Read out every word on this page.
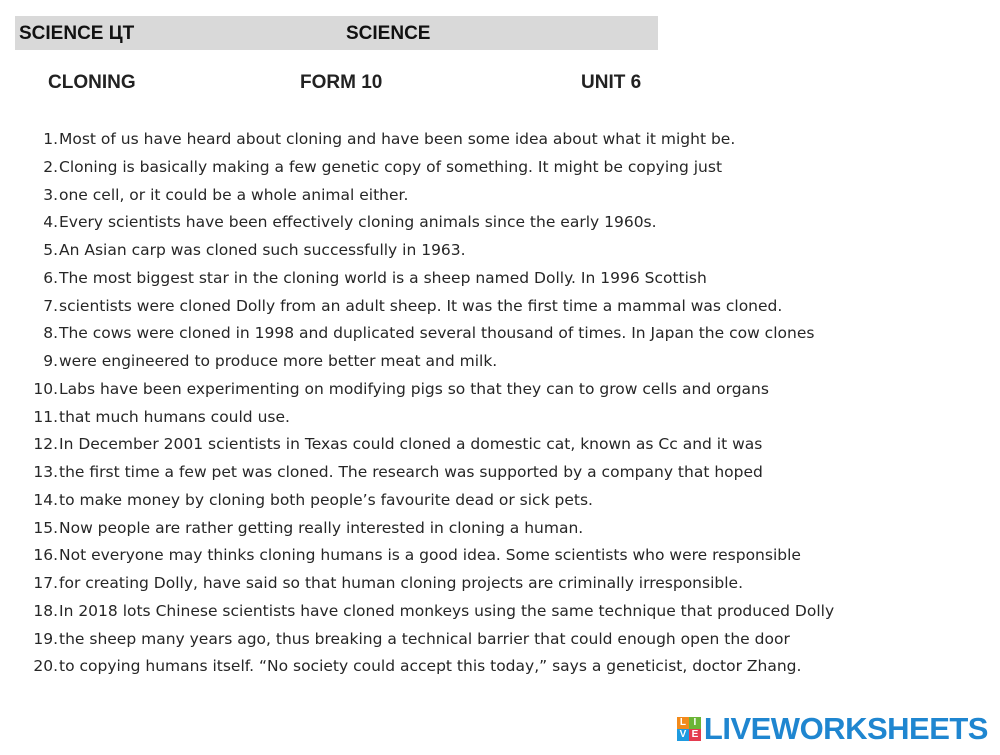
SCIENCE ЦТ	SCIENCE
CLONING	FORM 10	UNIT 6
1. Most of us have heard about cloning and have been some idea about what it might be.
2. Cloning is basically making a few genetic copy of something. It might be copying just
3. one cell, or it could be a whole animal either.
4. Every scientists have been effectively cloning animals since the early 1960s.
5. An Asian carp was cloned such successfully in 1963.
6. The most biggest star in the cloning world is a sheep named Dolly. In 1996 Scottish
7. scientists were cloned Dolly from an adult sheep. It was the first time a mammal was cloned.
8. The cows were cloned in 1998 and duplicated several thousand of times. In Japan the cow clones
9. were engineered to produce more better meat and milk.
10. Labs have been experimenting on modifying pigs so that they can to grow cells and organs
11. that much humans could use.
12. In December 2001 scientists in Texas could cloned a domestic cat, known as Cc and it was
13. the first time a few pet was cloned. The research was supported by a company that hoped
14. to make money by cloning both people’s favourite dead or sick pets.
15. Now people are rather getting really interested in cloning a human.
16. Not everyone may thinks cloning humans is a good idea. Some scientists who were responsible
17. for creating Dolly, have said so that human cloning projects are criminally irresponsible.
18. In 2018 lots Chinese scientists have cloned monkeys using the same technique that produced Dolly
19. the sheep many years ago, thus breaking a technical barrier that could enough open the door
20. to copying humans itself. “No society could accept this today,” says a geneticist, doctor Zhang.
L I
V E LIVEWORKSHEETS
